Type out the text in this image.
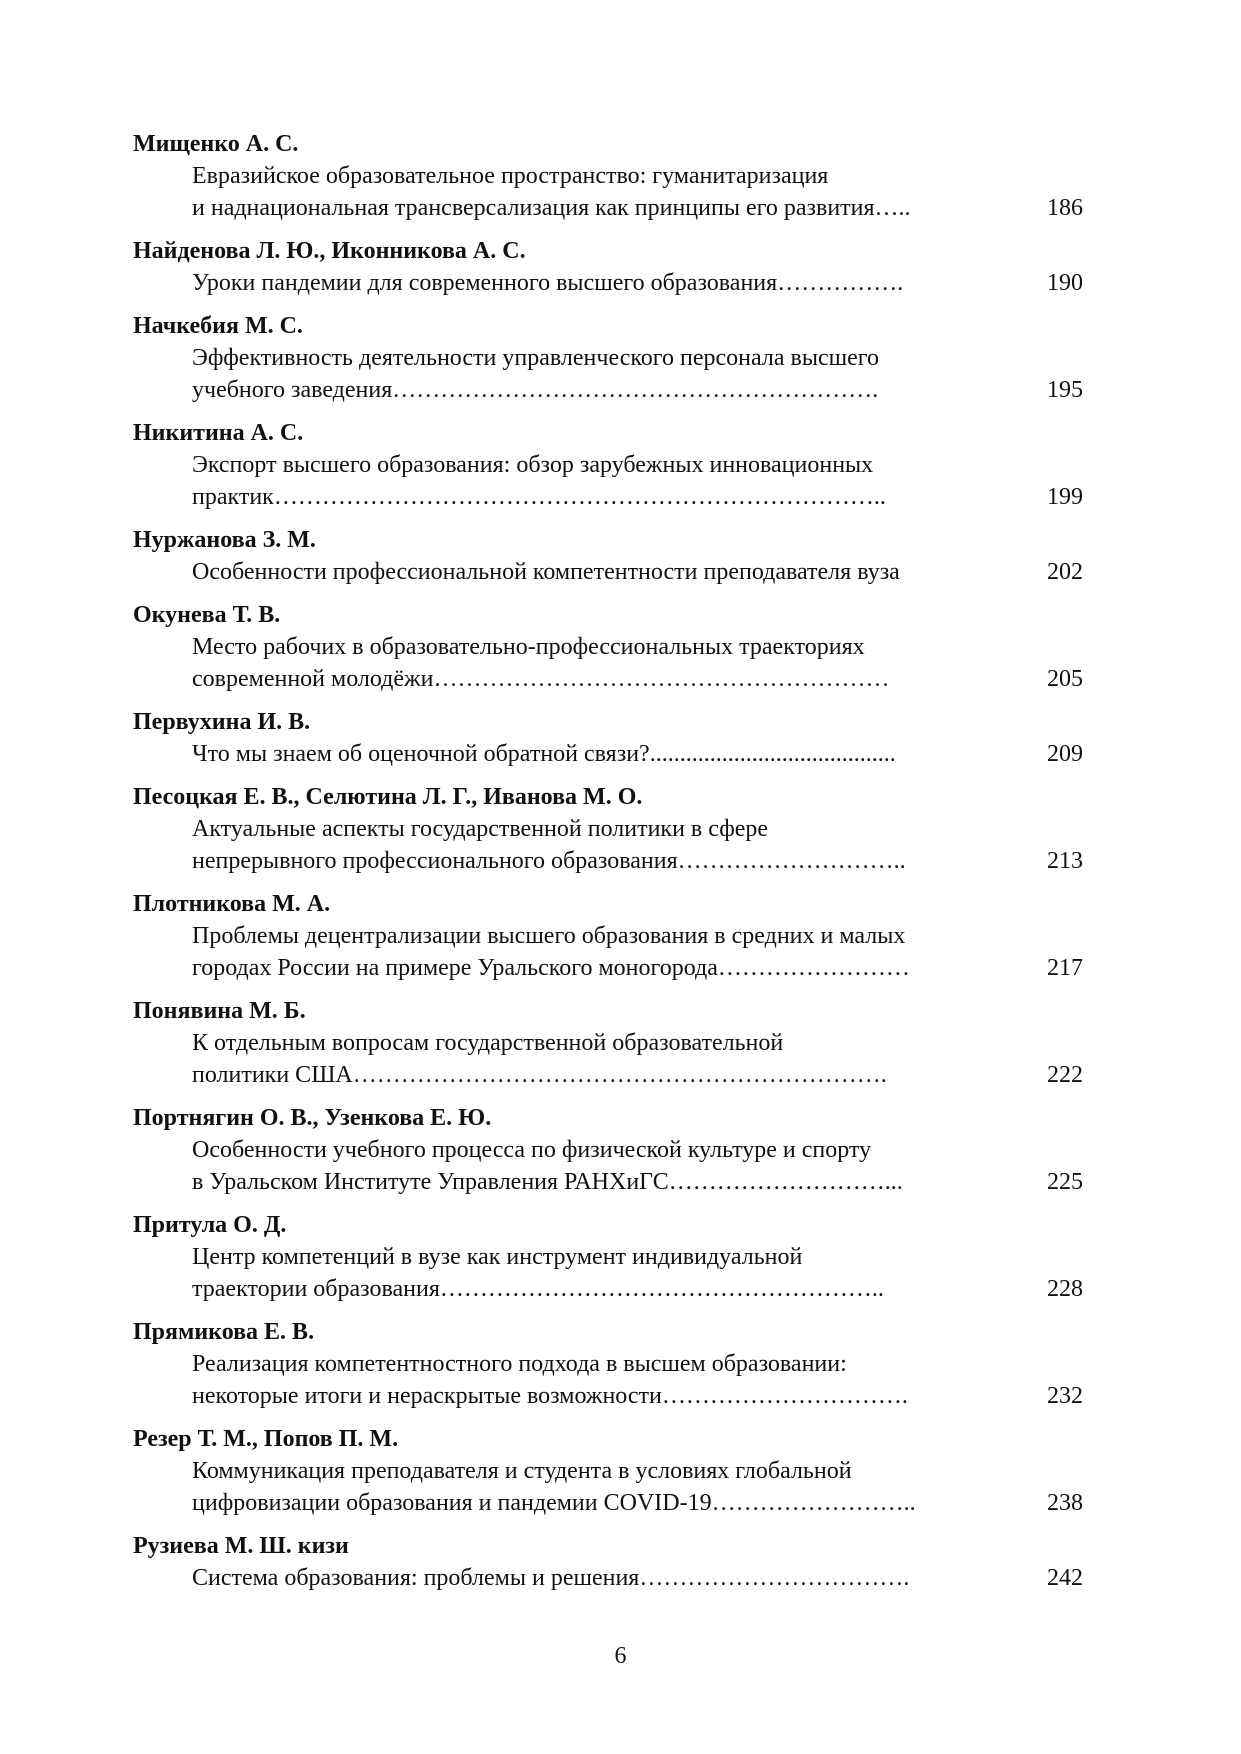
Мищенко А. С.
Евразийское образовательное пространство: гуманитаризация
и наднациональная трансверсализация как принципы его развития…..	186
Найденова Л. Ю., Иконникова А. С.
Уроки пандемии для современного высшего образования…………….	190
Начкебия М. С.
Эффективность деятельности управленческого персонала высшего
учебного заведения…………………………………………………….	195
Никитина А. С.
Экспорт высшего образования: обзор зарубежных инновационных
практик…………………………………………………………………..	199
Нуржанова З. М.
Особенности профессиональной компетентности преподавателя вуза	202
Окунева Т. В.
Место рабочих в образовательно-профессиональных траекториях
современной молодёжи…………………………………………………	205
Первухина И. В.
Что мы знаем об оценочной обратной связи?.........................................	209
Песоцкая Е. В., Селютина Л. Г., Иванова М. О.
Актуальные аспекты государственной политики в сфере
непрерывного профессионального образования………………………..	213
Плотникова М. А.
Проблемы децентрализации высшего образования в средних и малых
городах России на примере Уральского моногорода……………………	217
Понявина М. Б.
К отдельным вопросам государственной образовательной
политики США………………………………………………………….	222
Портнягин О. В., Узенкова Е. Ю.
Особенности учебного процесса по физической культуре и спорту
в Уральском Институте Управления РАНХиГС………………………...	225
Притула О. Д.
Центр компетенций в вузе как инструмент индивидуальной
траектории образования………………………………………………..	228
Прямикова Е. В.
Реализация компетентностного подхода в высшем образовании:
некоторые итоги и нераскрытые возможности………………………….	232
Резер Т. М., Попов П. М.
Коммуникация преподавателя и студента в условиях глобальной
цифровизации образования и пандемии COVID-19……………………..	238
Рузиева М. Ш. кизи
Система образования: проблемы и решения…………………………….	242
6
